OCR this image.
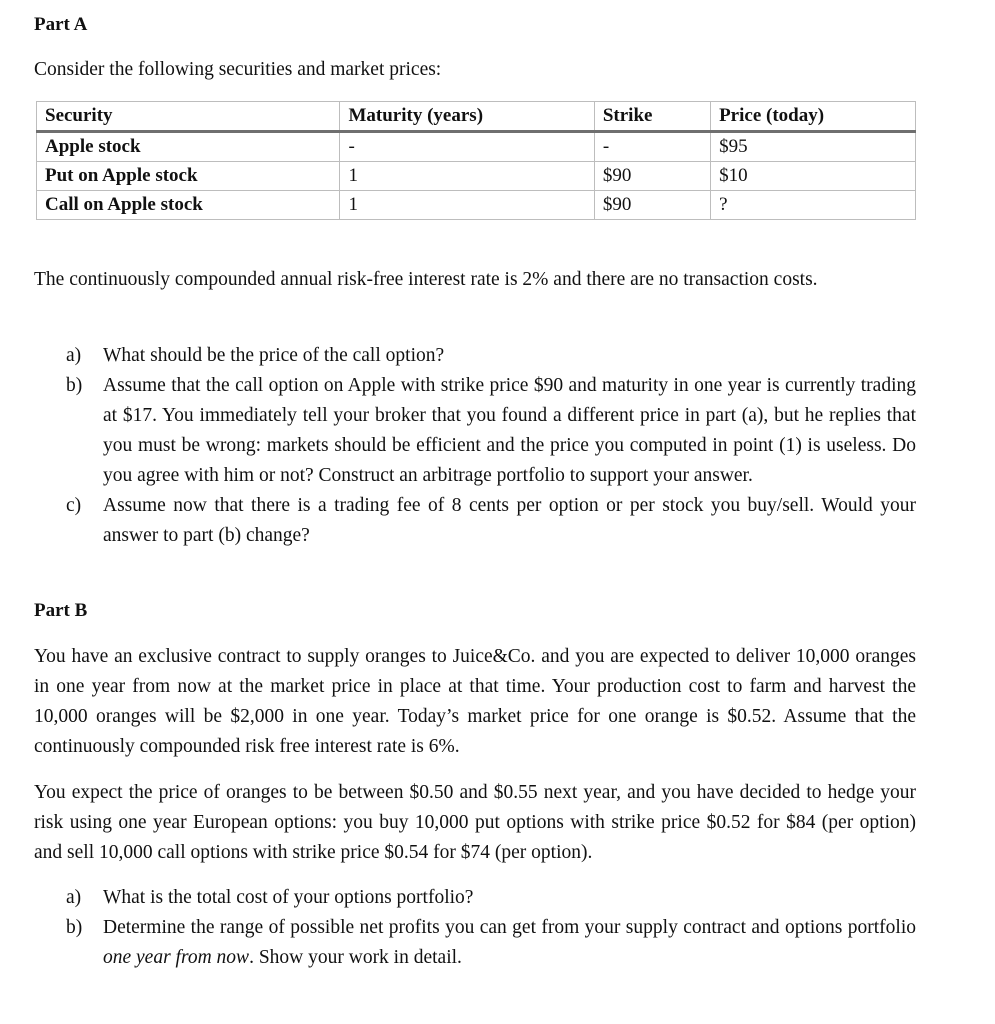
Part A
Consider the following securities and market prices:
Security	Maturity (years)	Strike	Price (today)
Apple stock	-	-	$95
Put on Apple stock	1	$90	$10
Call on Apple stock	1	$90	?
The continuously compounded annual risk-free interest rate is 2% and there are no transaction costs.
a) What should be the price of the call option?
b) Assume that the call option on Apple with strike price $90 and maturity in one year is currently trading at $17. You immediately tell your broker that you found a different price in part (a), but he replies that you must be wrong: markets should be efficient and the price you computed in point (1) is useless. Do you agree with him or not? Construct an arbitrage portfolio to support your answer.
c) Assume now that there is a trading fee of 8 cents per option or per stock you buy/sell. Would your answer to part (b) change?
Part B
You have an exclusive contract to supply oranges to Juice&Co. and you are expected to deliver 10,000 oranges in one year from now at the market price in place at that time. Your production cost to farm and harvest the 10,000 oranges will be $2,000 in one year. Today’s market price for one orange is $0.52. Assume that the continuously compounded risk free interest rate is 6%.
You expect the price of oranges to be between $0.50 and $0.55 next year, and you have decided to hedge your risk using one year European options: you buy 10,000 put options with strike price $0.52 for $84 (per option) and sell 10,000 call options with strike price $0.54 for $74 (per option).
a) What is the total cost of your options portfolio?
b) Determine the range of possible net profits you can get from your supply contract and options portfolio one year from now. Show your work in detail.
